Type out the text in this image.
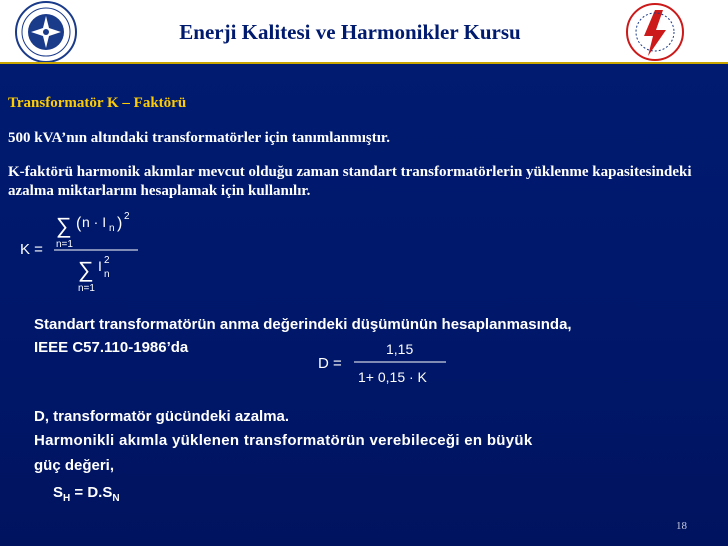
Enerji Kalitesi ve Harmonikler Kursu
Transformatör K – Faktörü
500 kVA’nın altındaki transformatörler için tanımlanmıştır.
K-faktörü harmonik akımlar mevcut olduğu zaman standart transformatörlerin yüklenme kapasitesindeki azalma miktarlarını hesaplamak için kullanılır.
K =
∑ ( n · I n ) 2
n=1
∑ I
n
2
n=1
Standart transformatörün anma değerindeki düşümünün hesaplanmasında,
IEEE C57.110-1986’da
D =
1,15
1+ 0,15 · K
D, transformatör gücündeki azalma.
Harmonikli akımla yüklenen transformatörün verebileceği en büyük
güç değeri,
$S_H = D.S_N$
18
